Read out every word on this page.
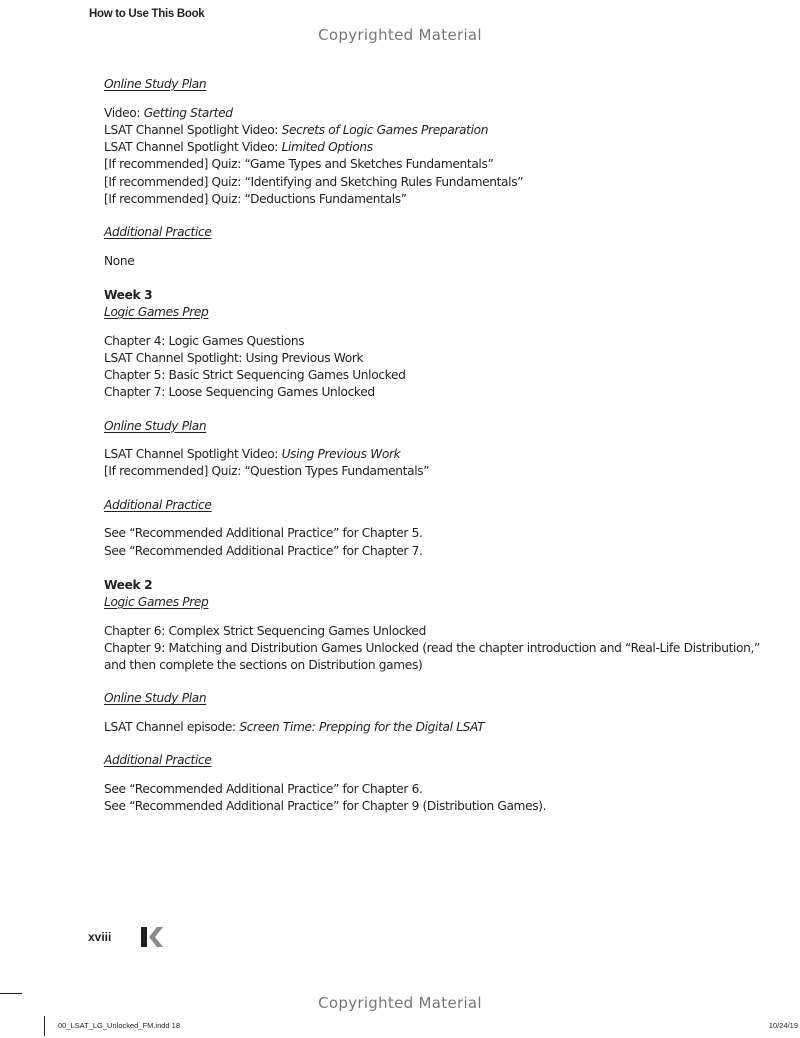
How to Use This Book
Copyrighted Material
Online Study Plan
Video: Getting Started
LSAT Channel Spotlight Video: Secrets of Logic Games Preparation
LSAT Channel Spotlight Video: Limited Options
[If recommended] Quiz: “Game Types and Sketches Fundamentals”
[If recommended] Quiz: “Identifying and Sketching Rules Fundamentals”
[If recommended] Quiz: “Deductions Fundamentals”
Additional Practice
None
Week 3
Logic Games Prep
Chapter 4: Logic Games Questions
LSAT Channel Spotlight: Using Previous Work
Chapter 5: Basic Strict Sequencing Games Unlocked
Chapter 7: Loose Sequencing Games Unlocked
Online Study Plan
LSAT Channel Spotlight Video: Using Previous Work
[If recommended] Quiz: “Question Types Fundamentals”
Additional Practice
See “Recommended Additional Practice” for Chapter 5.
See “Recommended Additional Practice” for Chapter 7.
Week 2
Logic Games Prep
Chapter 6: Complex Strict Sequencing Games Unlocked
Chapter 9: Matching and Distribution Games Unlocked (read the chapter introduction and “Real-Life Distribution,” and then complete the sections on Distribution games)
Online Study Plan
LSAT Channel episode: Screen Time: Prepping for the Digital LSAT
Additional Practice
See “Recommended Additional Practice” for Chapter 6.
See “Recommended Additional Practice” for Chapter 9 (Distribution Games).
xviii
Copyrighted Material
00_LSAT_LG_Unlocked_FM.indd 18	10/24/19
